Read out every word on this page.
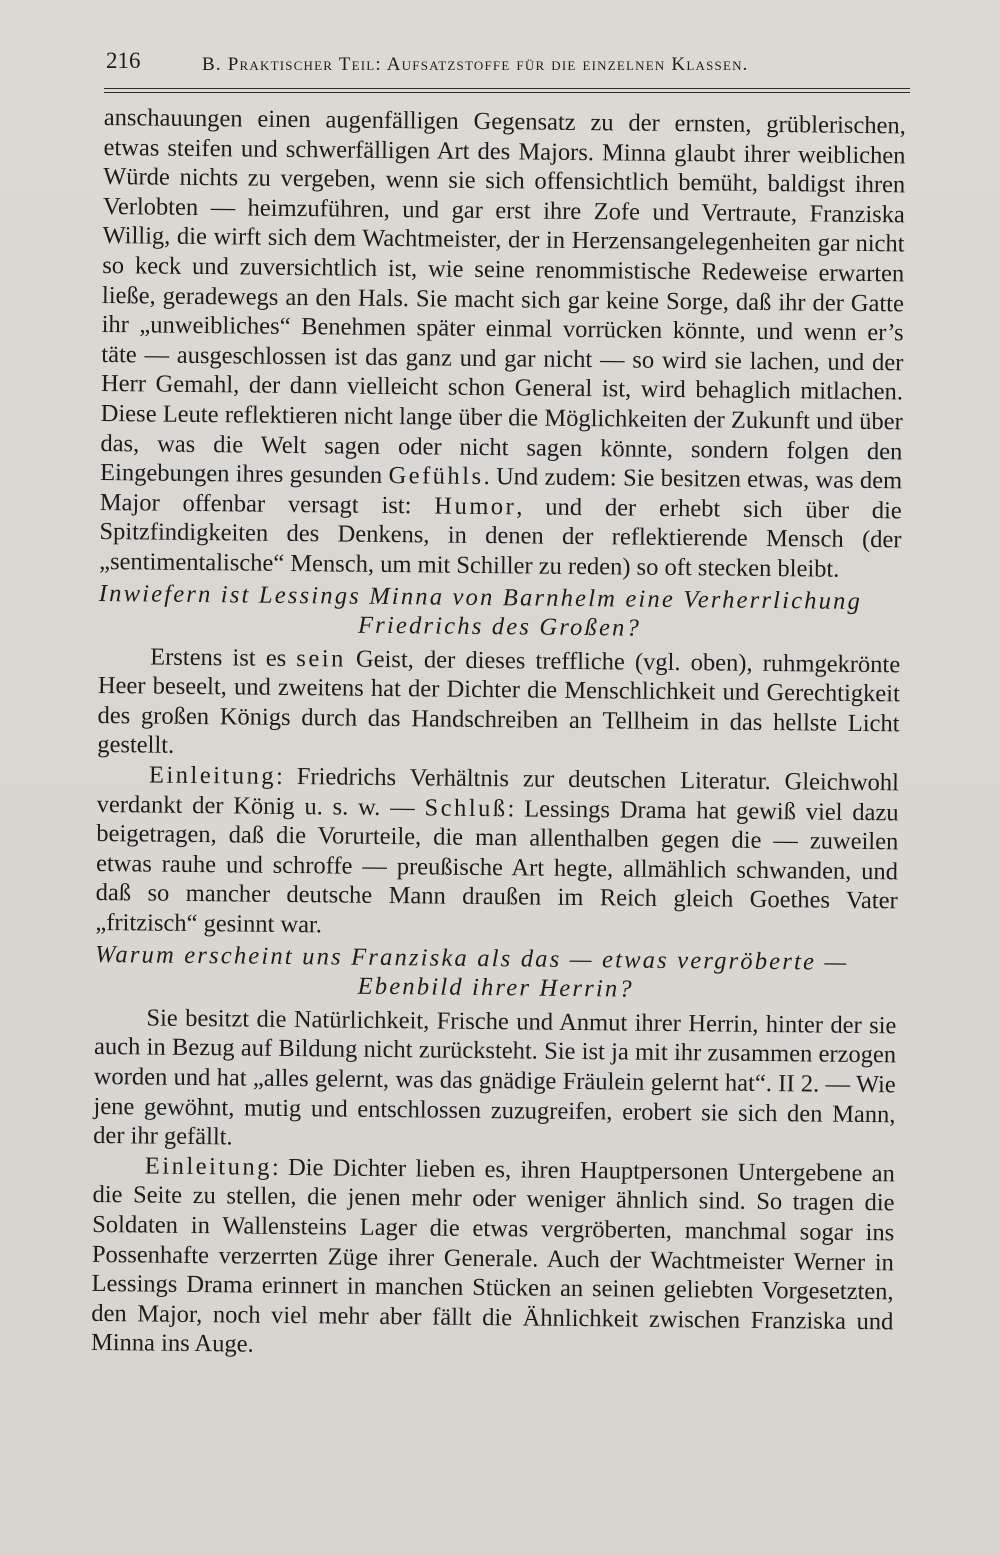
216	B. Praktischer Teil: Aufsatzstoffe für die einzelnen Klassen.

anschauungen einen augenfälligen Gegensatz zu der ernsten, grüblerischen, etwas steifen und schwerfälligen Art des Majors. Minna glaubt ihrer weiblichen Würde nichts zu vergeben, wenn sie sich offensichtlich bemüht, baldigst ihren Verlobten — heimzuführen, und gar erst ihre Zofe und Vertraute, Franziska Willig, die wirft sich dem Wachtmeister, der in Herzensangelegenheiten gar nicht so keck und zuversichtlich ist, wie seine renommistische Redeweise erwarten ließe, geradewegs an den Hals. Sie macht sich gar keine Sorge, daß ihr der Gatte ihr „unweibliches“ Benehmen später einmal vorrücken könnte, und wenn er’s täte — ausgeschlossen ist das ganz und gar nicht — so wird sie lachen, und der Herr Gemahl, der dann vielleicht schon General ist, wird behaglich mitlachen. Diese Leute reflektieren nicht lange über die Möglichkeiten der Zukunft und über das, was die Welt sagen oder nicht sagen könnte, sondern folgen den Eingebungen ihres gesunden Gefühls. Und zudem: Sie besitzen etwas, was dem Major offenbar versagt ist: Humor, und der erhebt sich über die Spitzfindigkeiten des Denkens, in denen der reflektierende Mensch (der „sentimentalische“ Mensch, um mit Schiller zu reden) so oft stecken bleibt.

Inwiefern ist Lessings Minna von Barnhelm eine Verherrlichung
Friedrichs des Großen?

Erstens ist es sein Geist, der dieses treffliche (vgl. oben), ruhmgekrönte Heer beseelt, und zweitens hat der Dichter die Menschlichkeit und Gerechtigkeit des großen Königs durch das Handschreiben an Tellheim in das hellste Licht gestellt.

Einleitung: Friedrichs Verhältnis zur deutschen Literatur. Gleichwohl verdankt der König u. s. w. — Schluß: Lessings Drama hat gewiß viel dazu beigetragen, daß die Vorurteile, die man allenthalben gegen die — zuweilen etwas rauhe und schroffe — preußische Art hegte, allmählich schwanden, und daß so mancher deutsche Mann draußen im Reich gleich Goethes Vater „fritzisch“ gesinnt war.

Warum erscheint uns Franziska als das — etwas vergröberte —
Ebenbild ihrer Herrin?

Sie besitzt die Natürlichkeit, Frische und Anmut ihrer Herrin, hinter der sie auch in Bezug auf Bildung nicht zurücksteht. Sie ist ja mit ihr zusammen erzogen worden und hat „alles gelernt, was das gnädige Fräulein gelernt hat“. II 2. — Wie jene gewöhnt, mutig und entschlossen zuzugreifen, erobert sie sich den Mann, der ihr gefällt.

Einleitung: Die Dichter lieben es, ihren Hauptpersonen Untergebene an die Seite zu stellen, die jenen mehr oder weniger ähnlich sind. So tragen die Soldaten in Wallensteins Lager die etwas vergröberten, manchmal sogar ins Possenhafte verzerrten Züge ihrer Generale. Auch der Wachtmeister Werner in Lessings Drama erinnert in manchen Stücken an seinen geliebten Vorgesetzten, den Major, noch viel mehr aber fällt die Ähnlichkeit zwischen Franziska und Minna ins Auge.
